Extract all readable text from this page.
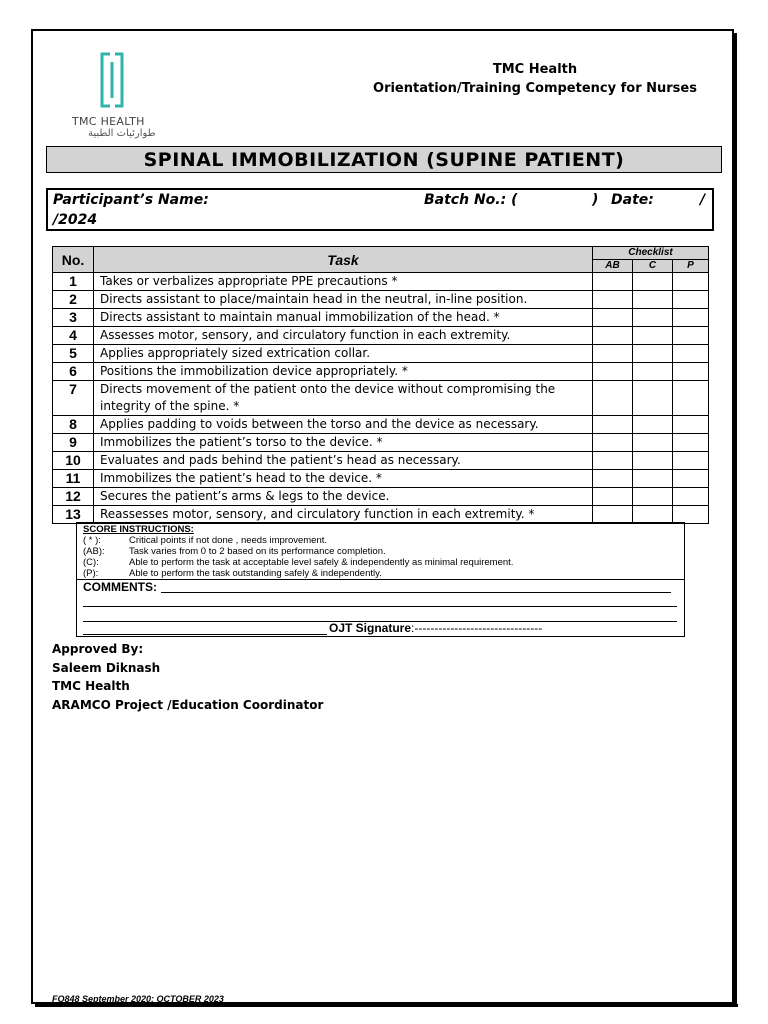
TMC HEALTH
طوارئيات الطبية
TMC Health
Orientation/Training Competency for Nurses
SPINAL IMMOBILIZATION (SUPINE PATIENT)
Participant’s Name:	Batch No.: (	) Date:	/
/2024
No.	Task	Checklist		
		AB	C	P
1	Takes or verbalizes appropriate PPE precautions *			
2	Directs assistant to place/maintain head in the neutral, in-line position.			
3	Directs assistant to maintain manual immobilization of the head. *			
4	Assesses motor, sensory, and circulatory function in each extremity.			
5	Applies appropriately sized extrication collar.			
6	Positions the immobilization device appropriately. *			
7	Directs movement of the patient onto the device without compromising the integrity of the spine. *			
8	Applies padding to voids between the torso and the device as necessary.			
9	Immobilizes the patient’s torso to the device. *			
10	Evaluates and pads behind the patient’s head as necessary.			
11	Immobilizes the patient’s head to the device. *			
12	Secures the patient’s arms & legs to the device.			
13	Reassesses motor, sensory, and circulatory function in each extremity. *			
SCORE INSTRUCTIONS:
( * ):	Critical points if not done , needs improvement.
(AB):	Task varies from 0 to 2 based on its performance completion.
(C):	Able to perform the task at acceptable level safely & independently as minimal requirement.
(P):	Able to perform the task outstanding safely & independently.
COMMENTS:
OJT Signature:--------------------------------
Approved By:
Saleem Diknash
TMC Health
ARAMCO Project /Education Coordinator
FO848 September 2020; OCTOBER 2023
